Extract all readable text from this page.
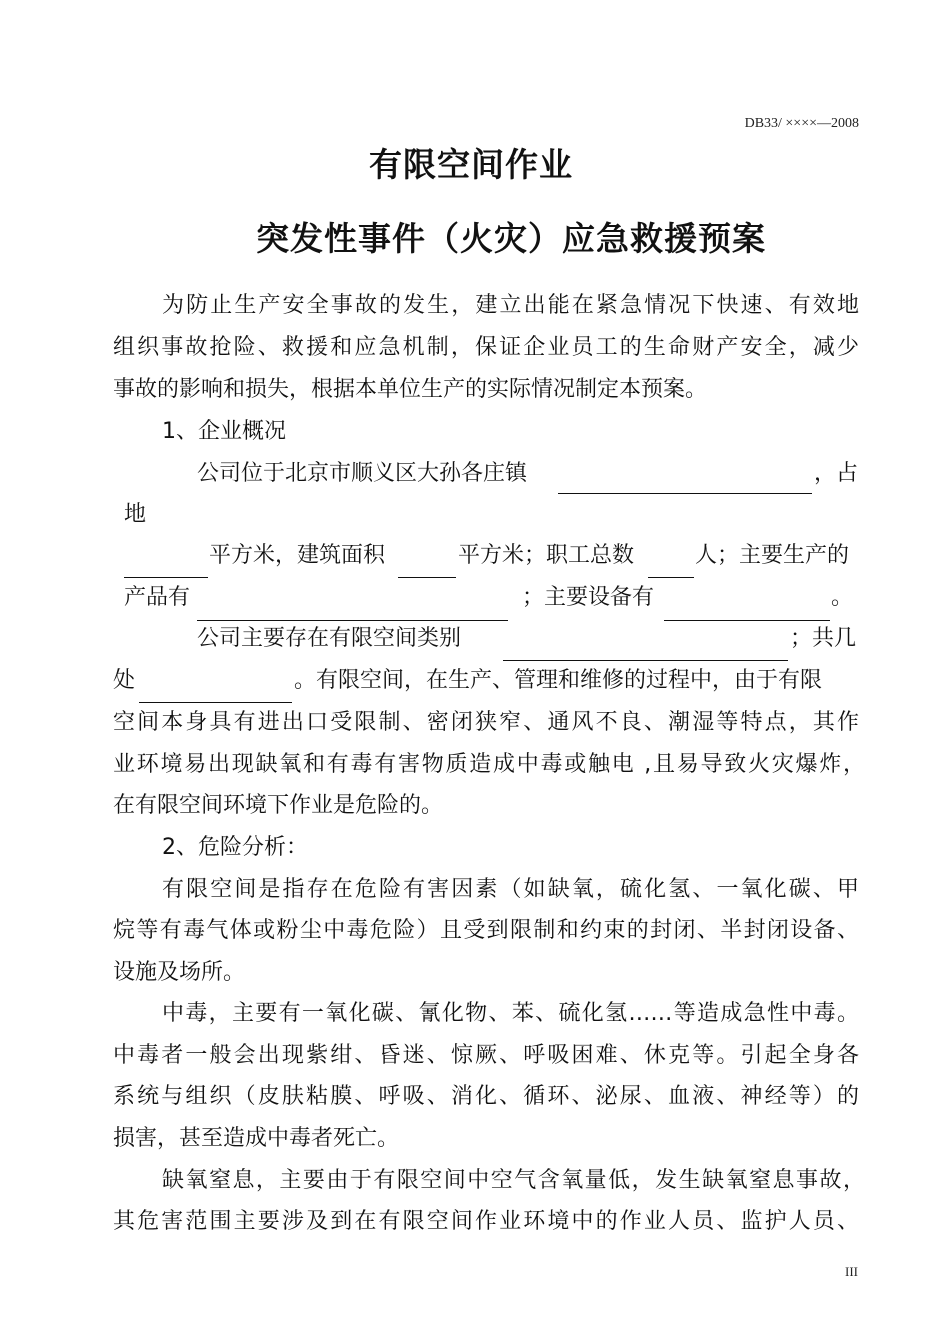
DB33/ ××××—2008
有限空间作业
突发性事件（火灾）应急救援预案
为防止生产安全事故的发生，建立出能在紧急情况下快速、有效地
组织事故抢险、救援和应急机制，保证企业员工的生命财产安全，减少
事故的影响和损失，根据本单位生产的实际情况制定本预案。
1、企业概况
公司位于北京市顺义区大孙各庄镇	，占
地
平方米，建筑面积	平方米；职工总数	人；主要生产的
产品有	；主要设备有	。
公司主要存在有限空间类别	；共几
处	。有限空间，在生产、管理和维修的过程中，由于有限
空间本身具有进出口受限制、密闭狭窄、通风不良、潮湿等特点，其作
业环境易出现缺氧和有毒有害物质造成中毒或触电 ,且易导致火灾爆炸，
在有限空间环境下作业是危险的。
2、危险分析：
有限空间是指存在危险有害因素（如缺氧，硫化氢、一氧化碳、甲
烷等有毒气体或粉尘中毒危险）且受到限制和约束的封闭、半封闭设备、
设施及场所。
中毒，主要有一氧化碳、氰化物、苯、硫化氢……等造成急性中毒。
中毒者一般会出现紫绀、昏迷、惊厥、呼吸困难、休克等。引起全身各
系统与组织（皮肤粘膜、呼吸、消化、循环、泌尿、血液、神经等）的
损害，甚至造成中毒者死亡。
缺氧窒息，主要由于有限空间中空气含氧量低，发生缺氧窒息事故，
其危害范围主要涉及到在有限空间作业环境中的作业人员、监护人员、
III
